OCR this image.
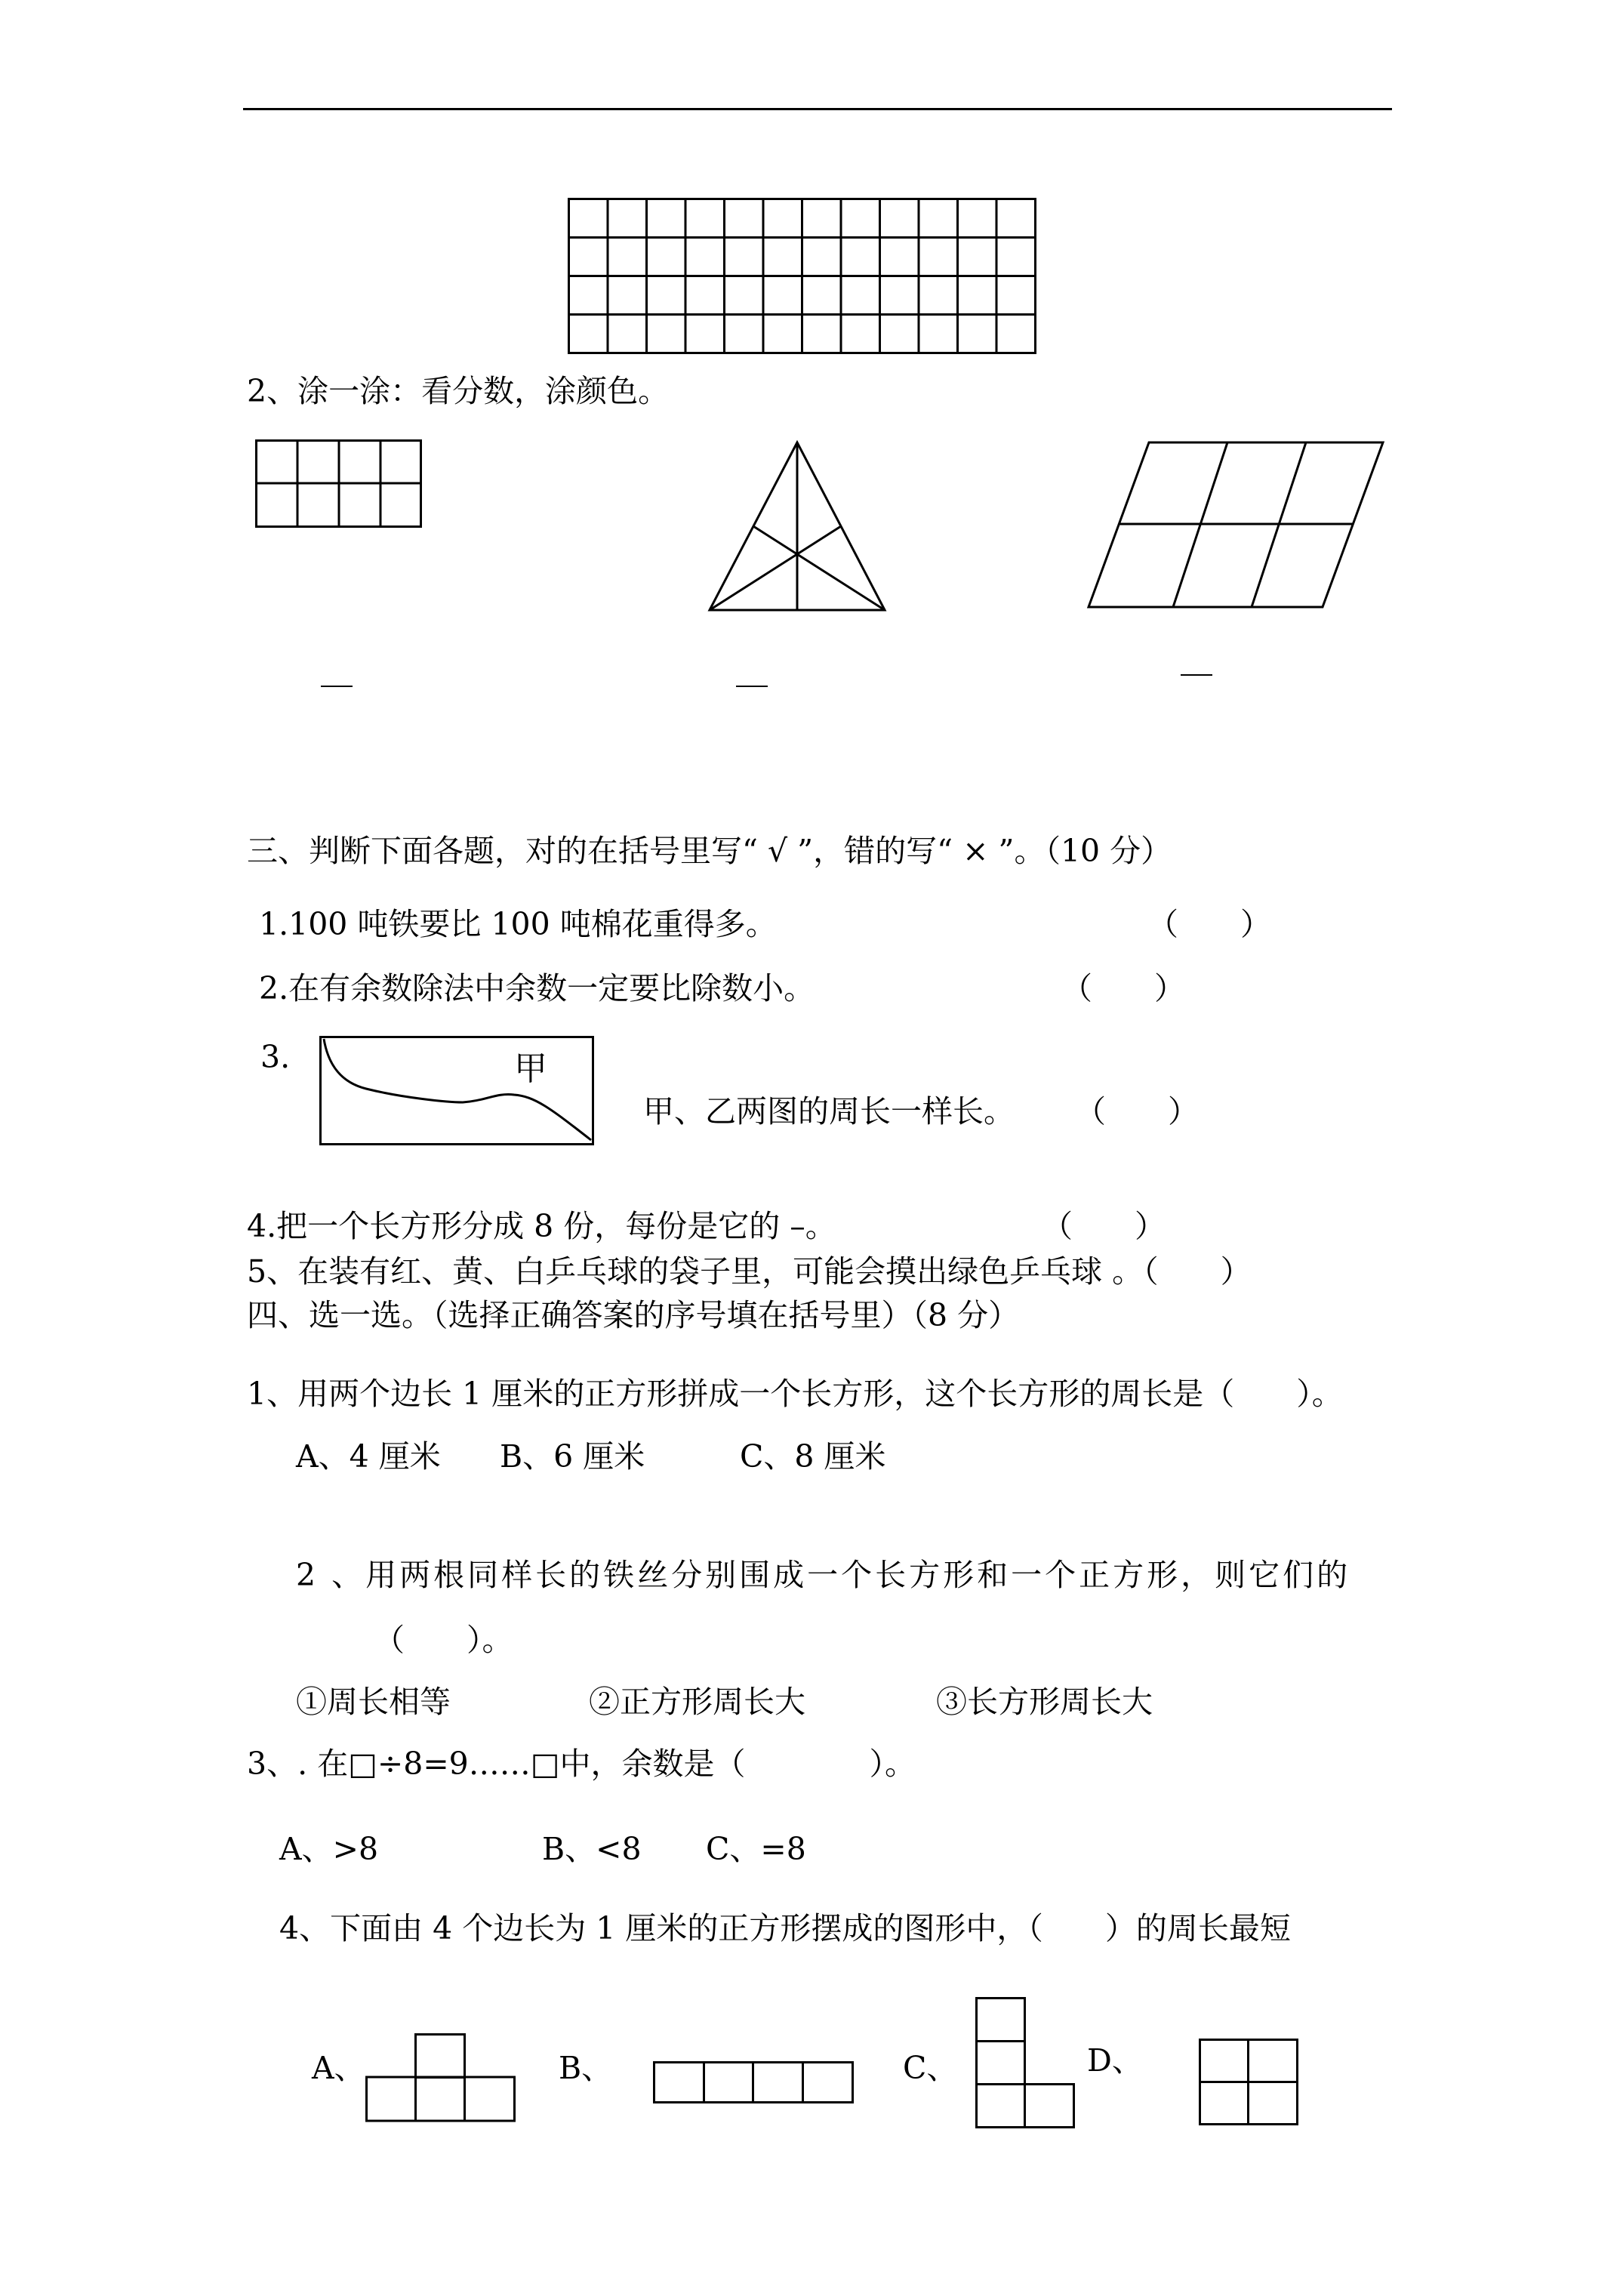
2、涂一涂：看分数，涂颜色。
三、判断下面各题，对的在括号里写“ √ ”，错的写“ × ”。（10 分）
1.100 吨铁要比 100 吨棉花重得多。	（　　）
2.在有余数除法中余数一定要比除数小。	（　　）
3.	甲
甲、乙两图的周长一样长。 （　　）
4.把一个长方形分成 8 份，每份是它的 –。	（　　）
5、在装有红、黄、白乒乓球的袋子里，可能会摸出绿色乒乓球 。（　　）
四、选一选。（选择正确答案的序号填在括号里）（8 分）
1、用两个边长 1 厘米的正方形拼成一个长方形，这个长方形的周长是（　　）。
A、4 厘米 B、6 厘米	C、8 厘米
2 、用两根同样长的铁丝分别围成一个长方形和一个正方形，则它们的
（　　）。
①周长相等	②正方形周长大	③长方形周长大
3、. 在□÷8=9……□中，余数是（　　　　）。
A、>8	B、<8 C、=8
4、下面由 4 个边长为 1 厘米的正方形摆成的图形中，（　　）的周长最短
A、	B、	C、	D、
